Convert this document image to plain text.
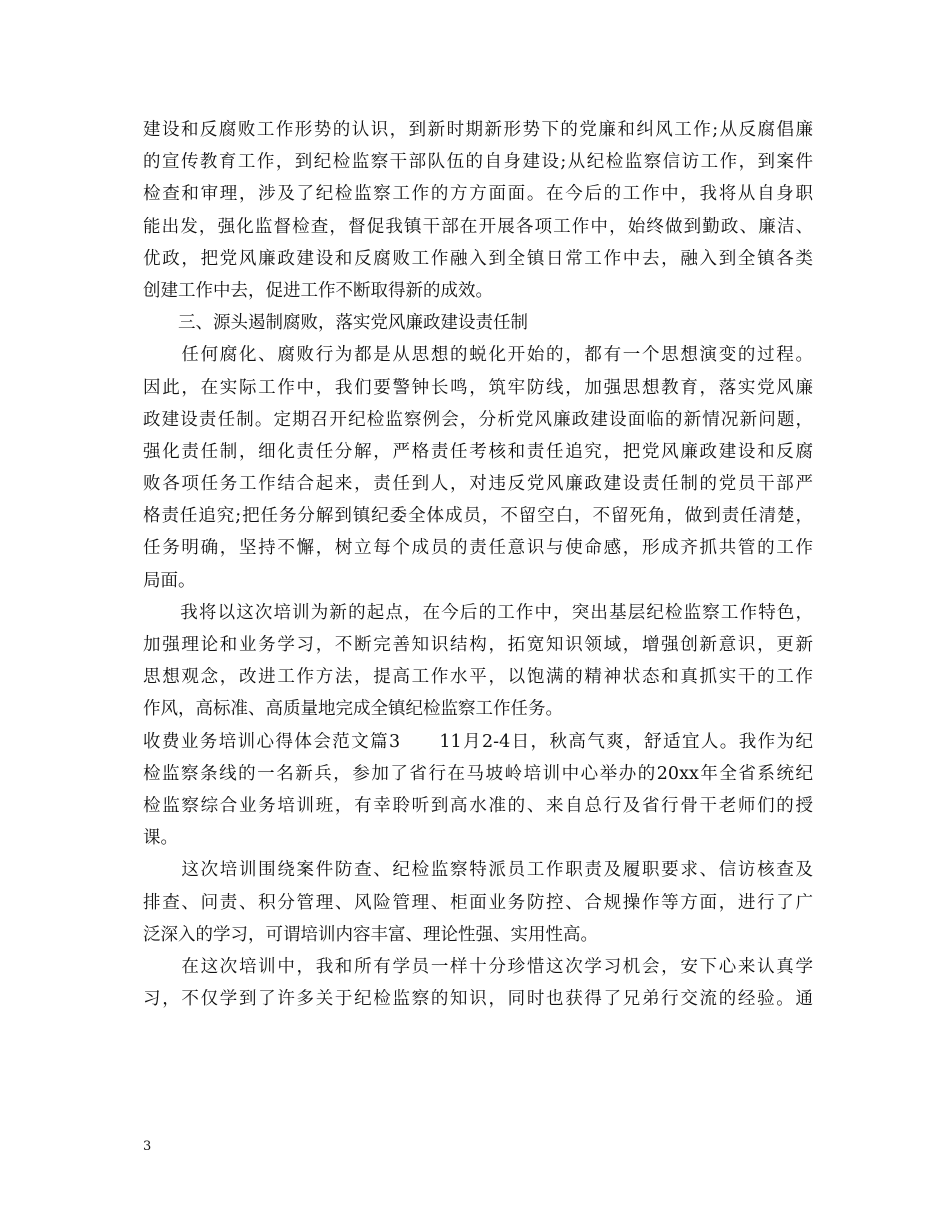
建设和反腐败工作形势的认识，到新时期新形势下的党廉和纠风工作;从反腐倡廉
的宣传教育工作，到纪检监察干部队伍的自身建设;从纪检监察信访工作，到案件
检查和审理，涉及了纪检监察工作的方方面面。在今后的工作中，我将从自身职
能出发，强化监督检查，督促我镇干部在开展各项工作中，始终做到勤政、廉洁、
优政，把党风廉政建设和反腐败工作融入到全镇日常工作中去，融入到全镇各类
创建工作中去，促进工作不断取得新的成效。
　　三、源头遏制腐败，落实党风廉政建设责任制
　　任何腐化、腐败行为都是从思想的蜕化开始的，都有一个思想演变的过程。
因此，在实际工作中，我们要警钟长鸣，筑牢防线，加强思想教育，落实党风廉
政建设责任制。定期召开纪检监察例会，分析党风廉政建设面临的新情况新问题，
强化责任制，细化责任分解，严格责任考核和责任追究，把党风廉政建设和反腐
败各项任务工作结合起来，责任到人，对违反党风廉政建设责任制的党员干部严
格责任追究;把任务分解到镇纪委全体成员，不留空白，不留死角，做到责任清楚，
任务明确，坚持不懈，树立每个成员的责任意识与使命感，形成齐抓共管的工作
局面。
　　我将以这次培训为新的起点，在今后的工作中，突出基层纪检监察工作特色，
加强理论和业务学习，不断完善知识结构，拓宽知识领域，增强创新意识，更新
思想观念，改进工作方法，提高工作水平，以饱满的精神状态和真抓实干的工作
作风，高标准、高质量地完成全镇纪检监察工作任务。
收费业务培训心得体会范文篇3　　11月2-4日，秋高气爽，舒适宜人。我作为纪
检监察条线的一名新兵，参加了省行在马坡岭培训中心举办的20xx年全省系统纪
检监察综合业务培训班，有幸聆听到高水准的、来自总行及省行骨干老师们的授
课。
　　这次培训围绕案件防查、纪检监察特派员工作职责及履职要求、信访核查及
排查、问责、积分管理、风险管理、柜面业务防控、合规操作等方面，进行了广
泛深入的学习，可谓培训内容丰富、理论性强、实用性高。
　　在这次培训中，我和所有学员一样十分珍惜这次学习机会，安下心来认真学
习，不仅学到了许多关于纪检监察的知识，同时也获得了兄弟行交流的经验。通
3
